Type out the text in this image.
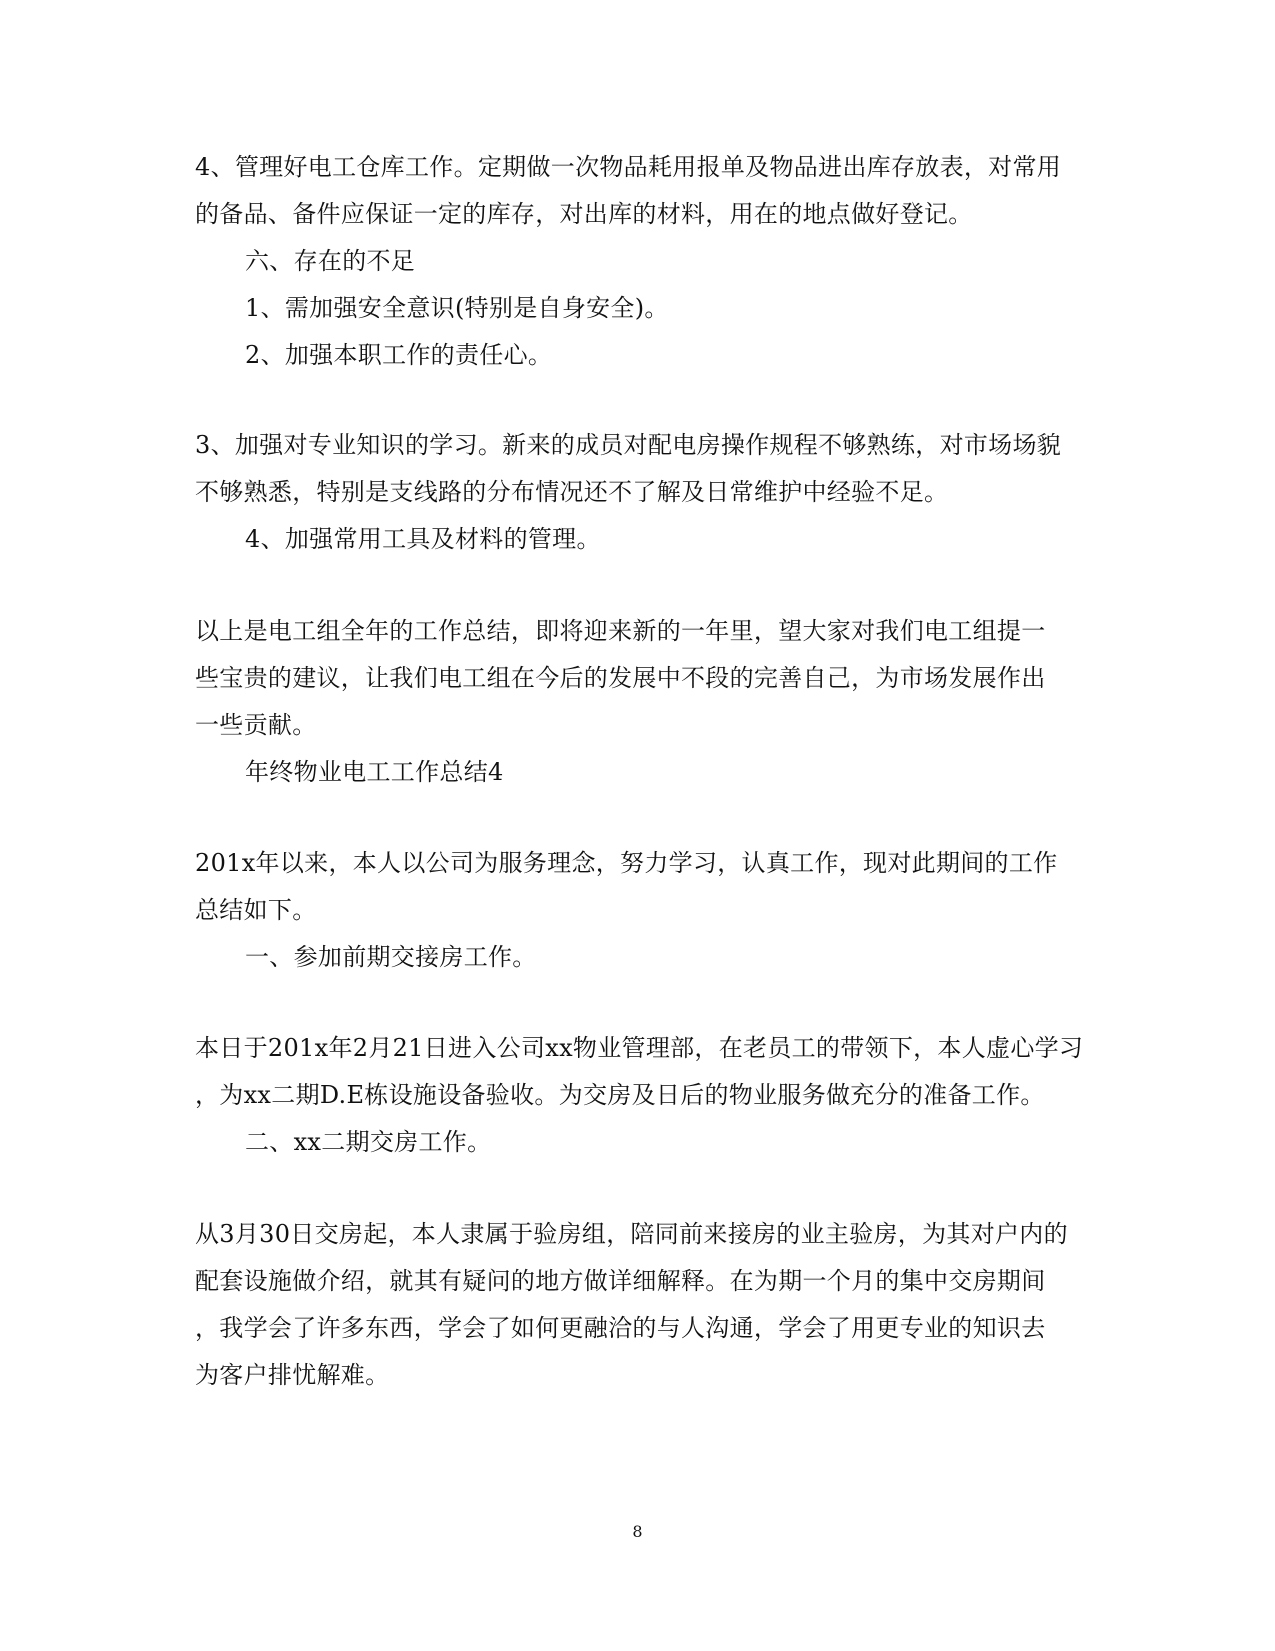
4、管理好电工仓库工作。定期做一次物品耗用报单及物品进出库存放表，对常用
的备品、备件应保证一定的库存，对出库的材料，用在的地点做好登记。
六、存在的不足
1、需加强安全意识(特别是自身安全)。
2、加强本职工作的责任心。
3、加强对专业知识的学习。新来的成员对配电房操作规程不够熟练，对市场场貌
不够熟悉，特别是支线路的分布情况还不了解及日常维护中经验不足。
4、加强常用工具及材料的管理。
以上是电工组全年的工作总结，即将迎来新的一年里，望大家对我们电工组提一
些宝贵的建议，让我们电工组在今后的发展中不段的完善自己，为市场发展作出
一些贡献。
年终物业电工工作总结4
201x年以来，本人以公司为服务理念，努力学习，认真工作，现对此期间的工作
总结如下。
一、参加前期交接房工作。
本日于201x年2月21日进入公司xx物业管理部，在老员工的带领下，本人虚心学习
，为xx二期D.E栋设施设备验收。为交房及日后的物业服务做充分的准备工作。
二、xx二期交房工作。
从3月30日交房起，本人隶属于验房组，陪同前来接房的业主验房，为其对户内的
配套设施做介绍，就其有疑问的地方做详细解释。在为期一个月的集中交房期间
，我学会了许多东西，学会了如何更融洽的与人沟通，学会了用更专业的知识去
为客户排忧解难。
8
